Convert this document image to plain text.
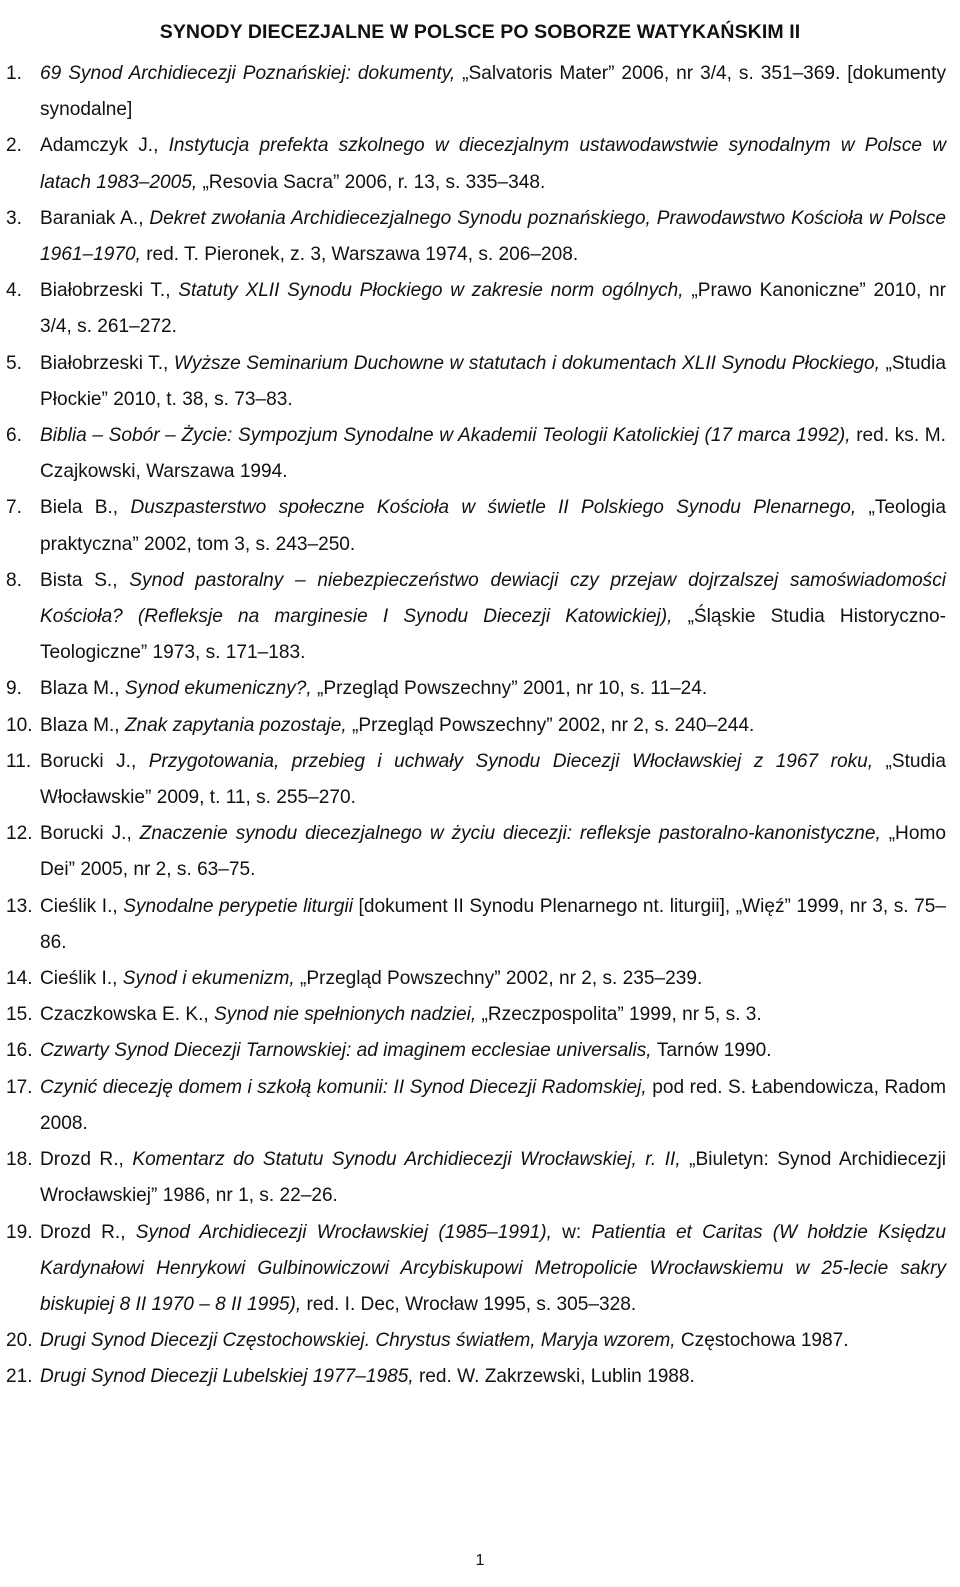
SYNODY DIECEZJALNE W POLSCE PO SOBORZE WATYKAŃSKIM II
1. 69 Synod Archidiecezji Poznańskiej: dokumenty, „Salvatoris Mater” 2006, nr 3/4, s. 351–369. [dokumenty synodalne]
2. Adamczyk J., Instytucja prefekta szkolnego w diecezjalnym ustawodawstwie synodalnym w Polsce w latach 1983–2005, „Resovia Sacra” 2006, r. 13, s. 335–348.
3. Baraniak A., Dekret zwołania Archidiecezjalnego Synodu poznańskiego, Prawodawstwo Kościoła w Polsce 1961–1970, red. T. Pieronek, z. 3, Warszawa 1974, s. 206–208.
4. Białobrzeski T., Statuty XLII Synodu Płockiego w zakresie norm ogólnych, „Prawo Kanoniczne” 2010, nr 3/4, s. 261–272.
5. Białobrzeski T., Wyższe Seminarium Duchowne w statutach i dokumentach XLII Synodu Płockiego, „Studia Płockie” 2010, t. 38, s. 73–83.
6. Biblia – Sobór – Życie: Sympozjum Synodalne w Akademii Teologii Katolickiej (17 marca 1992), red. ks. M. Czajkowski, Warszawa 1994.
7. Biela B., Duszpasterstwo społeczne Kościoła w świetle II Polskiego Synodu Plenarnego, „Teologia praktyczna” 2002, tom 3, s. 243–250.
8. Bista S., Synod pastoralny – niebezpieczeństwo dewiacji czy przejaw dojrzalszej samoświadomości Kościoła? (Refleksje na marginesie I Synodu Diecezji Katowickiej), „Śląskie Studia Historyczno-Teologiczne” 1973, s. 171–183.
9. Blaza M., Synod ekumeniczny?, „Przegląd Powszechny” 2001, nr 10, s. 11–24.
10. Blaza M., Znak zapytania pozostaje, „Przegląd Powszechny” 2002, nr 2, s. 240–244.
11. Borucki J., Przygotowania, przebieg i uchwały Synodu Diecezji Włocławskiej z 1967 roku, „Studia Włocławskie” 2009, t. 11, s. 255–270.
12. Borucki J., Znaczenie synodu diecezjalnego w życiu diecezji: refleksje pastoralno-kanonistyczne, „Homo Dei” 2005, nr 2, s. 63–75.
13. Cieślik I., Synodalne perypetie liturgii [dokument II Synodu Plenarnego nt. liturgii], „Więź” 1999, nr 3, s. 75–86.
14. Cieślik I., Synod i ekumenizm, „Przegląd Powszechny” 2002, nr 2, s. 235–239.
15. Czaczkowska E. K., Synod nie spełnionych nadziei, „Rzeczpospolita” 1999, nr 5, s. 3.
16. Czwarty Synod Diecezji Tarnowskiej: ad imaginem ecclesiae universalis, Tarnów 1990.
17. Czynić diecezję domem i szkołą komunii: II Synod Diecezji Radomskiej, pod red. S. Łabendowicza, Radom 2008.
18. Drozd R., Komentarz do Statutu Synodu Archidiecezji Wrocławskiej, r. II, „Biuletyn: Synod Archidiecezji Wrocławskiej” 1986, nr 1, s. 22–26.
19. Drozd R., Synod Archidiecezji Wrocławskiej (1985–1991), w: Patientia et Caritas (W hołdzie Księdzu Kardynałowi Henrykowi Gulbinowiczowi Arcybiskupowi Metropolicie Wrocławskiemu w 25-lecie sakry biskupiej 8 II 1970 – 8 II 1995), red. I. Dec, Wrocław 1995, s. 305–328.
20. Drugi Synod Diecezji Częstochowskiej. Chrystus światłem, Maryja wzorem, Częstochowa 1987.
21. Drugi Synod Diecezji Lubelskiej 1977–1985, red. W. Zakrzewski, Lublin 1988.
1
